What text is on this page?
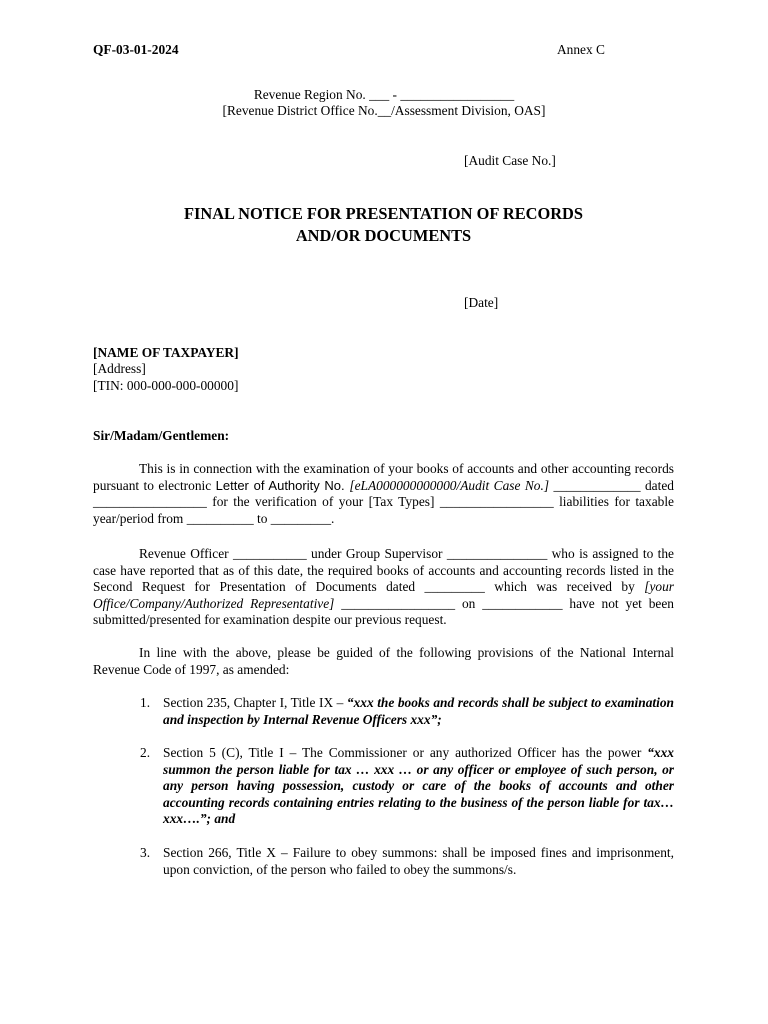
QF-03-01-2024	Annex C
Revenue Region No. ___ - _________________
[Revenue District Office No.__/Assessment Division, OAS]
[Audit Case No.]
FINAL NOTICE FOR PRESENTATION OF RECORDS
AND/OR DOCUMENTS
[Date]
[NAME OF TAXPAYER]
[Address]
[TIN: 000-000-000-00000]
Sir/Madam/Gentlemen:
This is in connection with the examination of your books of accounts and other accounting records pursuant to electronic Letter of Authority No. [eLA000000000000/Audit Case No.] _____________ dated _________________ for the verification of your [Tax Types] _________________ liabilities for taxable year/period from __________ to _________.
Revenue Officer ___________ under Group Supervisor _______________ who is assigned to the case have reported that as of this date, the required books of accounts and accounting records listed in the Second Request for Presentation of Documents dated _________ which was received by [your Office/Company/Authorized Representative] _________________ on ____________ have not yet been submitted/presented for examination despite our previous request.
In line with the above, please be guided of the following provisions of the National Internal Revenue Code of 1997, as amended:
1. Section 235, Chapter I, Title IX – “xxx the books and records shall be subject to examination and inspection by Internal Revenue Officers xxx”;
2. Section 5 (C), Title I – The Commissioner or any authorized Officer has the power “xxx summon the person liable for tax … xxx … or any officer or employee of such person, or any person having possession, custody or care of the books of accounts and other accounting records containing entries relating to the business of the person liable for tax…xxx….”; and
3. Section 266, Title X – Failure to obey summons: shall be imposed fines and imprisonment, upon conviction, of the person who failed to obey the summons/s.
